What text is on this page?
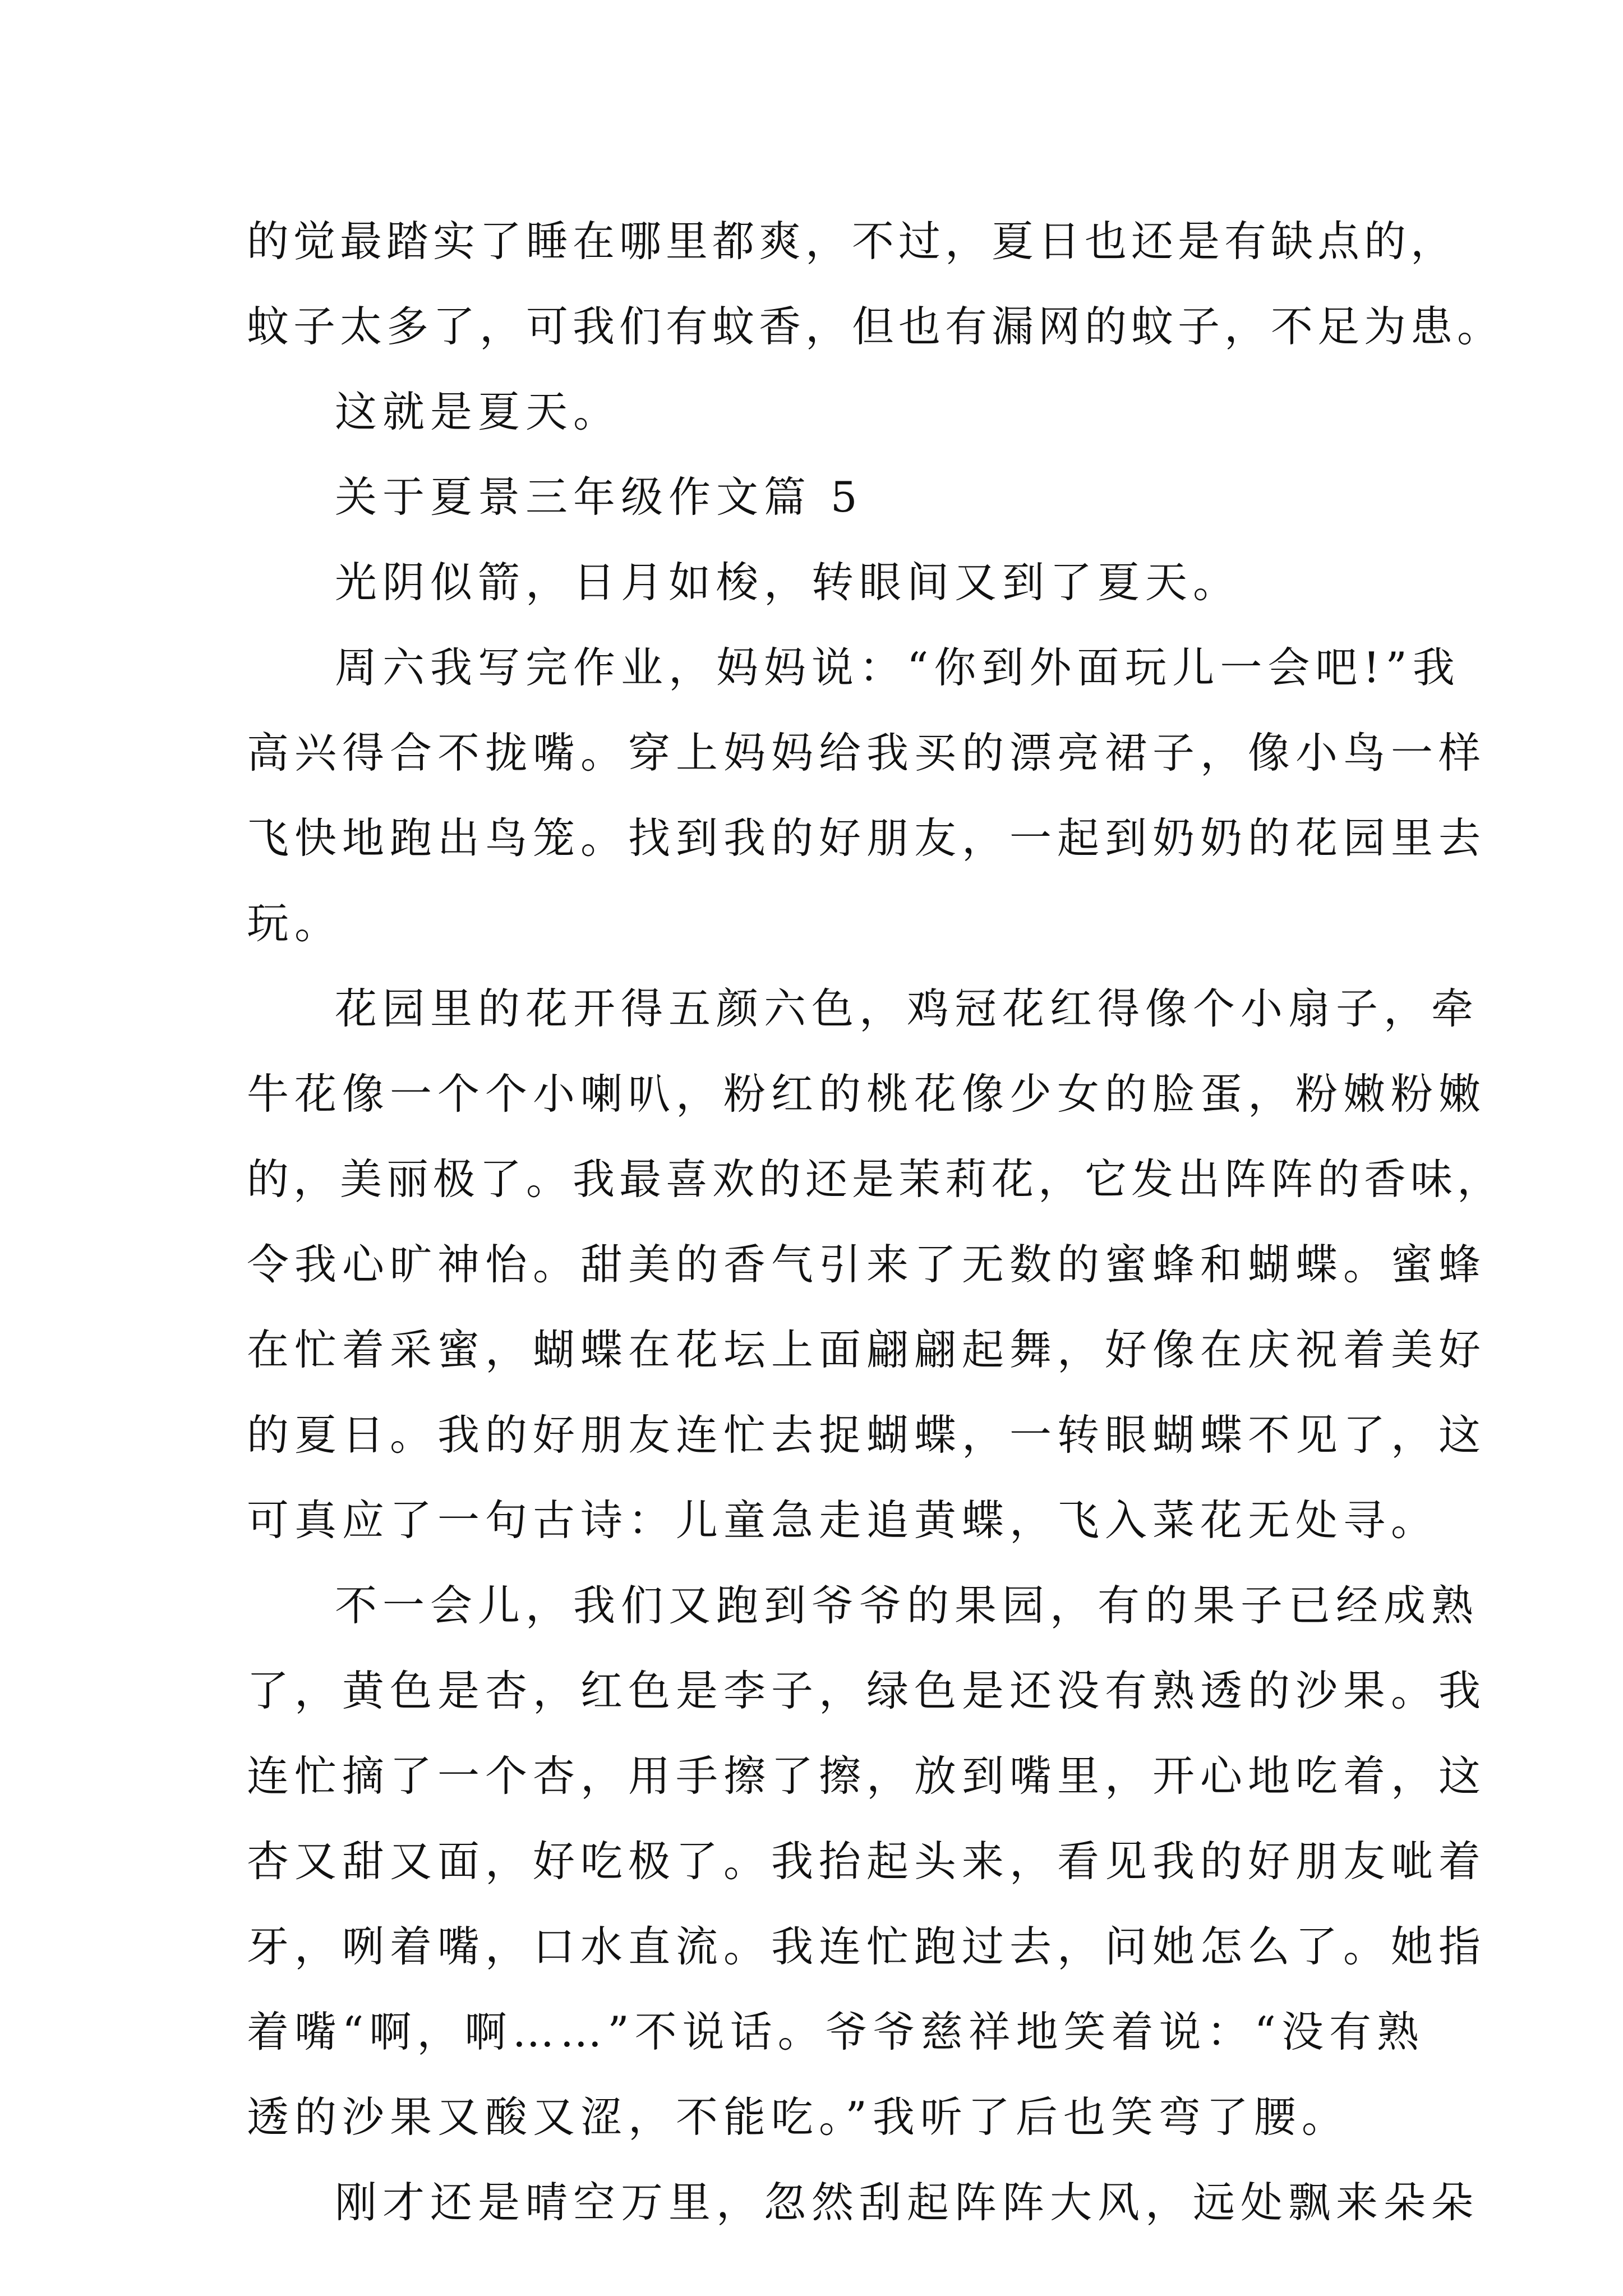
的觉最踏实了睡在哪里都爽，不过，夏日也还是有缺点的，

蚊子太多了，可我们有蚊香，但也有漏网的蚊子，不足为患。

这就是夏天。

关于夏景三年级作文篇 5

光阴似箭，日月如梭，转眼间又到了夏天。

周六我写完作业，妈妈说：“你到外面玩儿一会吧!”我

高兴得合不拢嘴。穿上妈妈给我买的漂亮裙子，像小鸟一样

飞快地跑出鸟笼。找到我的好朋友，一起到奶奶的花园里去

玩。

花园里的花开得五颜六色，鸡冠花红得像个小扇子，牵

牛花像一个个小喇叭，粉红的桃花像少女的脸蛋，粉嫩粉嫩

的，美丽极了。我最喜欢的还是茉莉花，它发出阵阵的香味，

令我心旷神怡。甜美的香气引来了无数的蜜蜂和蝴蝶。蜜蜂

在忙着采蜜，蝴蝶在花坛上面翩翩起舞，好像在庆祝着美好

的夏日。我的好朋友连忙去捉蝴蝶，一转眼蝴蝶不见了，这

可真应了一句古诗：儿童急走追黄蝶，飞入菜花无处寻。

不一会儿，我们又跑到爷爷的果园，有的果子已经成熟

了，黄色是杏，红色是李子，绿色是还没有熟透的沙果。我

连忙摘了一个杏，用手擦了擦，放到嘴里，开心地吃着，这

杏又甜又面，好吃极了。我抬起头来，看见我的好朋友呲着

牙，咧着嘴，口水直流。我连忙跑过去，问她怎么了。她指

着嘴“啊，啊……”不说话。爷爷慈祥地笑着说：“没有熟

透的沙果又酸又涩，不能吃。”我听了后也笑弯了腰。

刚才还是晴空万里，忽然刮起阵阵大风，远处飘来朵朵
